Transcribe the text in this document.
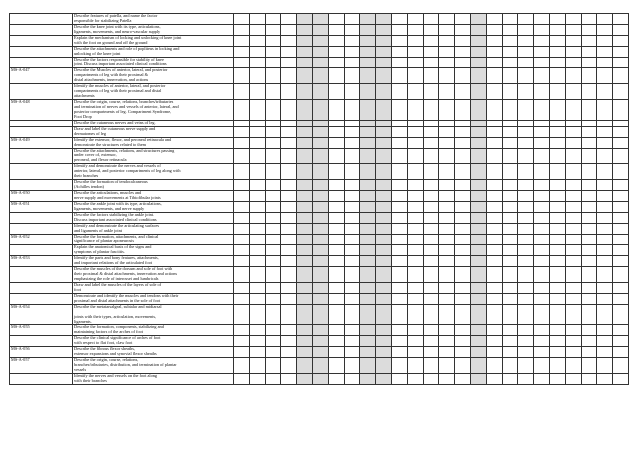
	Describe features of patella, and name the factor
responsible for stabilizing Patella																									
	Describe the knee joint with its type, articulations,
ligaments, movements, and neuro-vascular supply																									
	Explain the mechanism of locking and unlocking of knee joint
with the foot on ground and off the ground																									
	Describe the attachments and role of popliteus in locking and
unlocking of the knee joint																									
	Describe the factors responsible for stability of knee
joint. Discuss important associated clinical conditions																									
MS-A-047	Describe the Muscles of anterior, lateral, and posterior
compartments of leg with their proximal &
distal attachments, innervation, and actions																									
	Identify the muscles of anterior, lateral, and posterior
compartments of leg with their proximal and distal
attachments																									
MS-A-048	Describe the origin, course, relations, branches/tributaries
and termination of nerves and vessels of anterior, lateral, and
posterior compartments of leg. Compartment Syndrome,
Foot Drop																									
	Describe the cutaneous nerves and veins of leg.																									
	Draw and label the cutaneous nerve supply and
dermatomes of leg																									
MS-A-049	Identify the extensor, flexor, and peroneal retinacula and
demonstrate the structures related to them																									
	Describe the attachments, relations, and structures passing
under cover of, extensor,
peroneal, and flexor retinacula																									
	Identify and demonstrate the nerves and vessels of
anterior, lateral, and posterior compartments of leg along with
their branches																									
	Describe the formation of tendocalcaneous
(Achilles tendon)																									
MS-A-050	Describe the articulations, muscles and
nerve supply and movements at Tibiofibular joints																									
MS-A-051	Describe the ankle joint with its type, articulations,
ligaments, movements, and nerve supply																									
	Describe the factors stabilizing the ankle joint.
Discuss important associated clinical conditions																									
	Identify and demonstrate the articulating surfaces
and ligaments of ankle joint																									
MS-A-052	Describe the formation, attachments, and clinical
significance of plantar aponeurosis																									
	Explain the anatomical basis of the signs and
symptoms of plantar fasciitis.																									
MS-A-053	Identify the parts and bony features, attachments,
and important relations of the articulated foot																									
	Describe the muscles of the dorsum and sole of foot with
their proximal & distal attachments, innervation and actions
emphasizing the role of interossei and lumbricals																									
	Draw and label the muscles of the layers of sole of
foot																									
	Demonstrate and identify the muscles and tendons with their
proximal and distal attachments in the sole of foot																									
MS-A-054	Describe the metatarsalgeal, subtalar and midtarsal

joints with their types, articulation, movements,
ligaments.																									
MS-A-055	Describe the formation, components, stabilizing and
maintaining factors of the arches of foot																									
	Describe the clinical significance of arches of foot
with respect to flat foot, claw foot																									
MS-A-056	Describe the fibrous flexor sheaths,
extensor expansions and synovial flexor sheaths																									
MS-A-057	Describe the origin, course, relations,
branches/tributaries, distribution, and termination of plantar
vessels																									
	Identify the nerves and vessels on the foot along
with their branches																									
